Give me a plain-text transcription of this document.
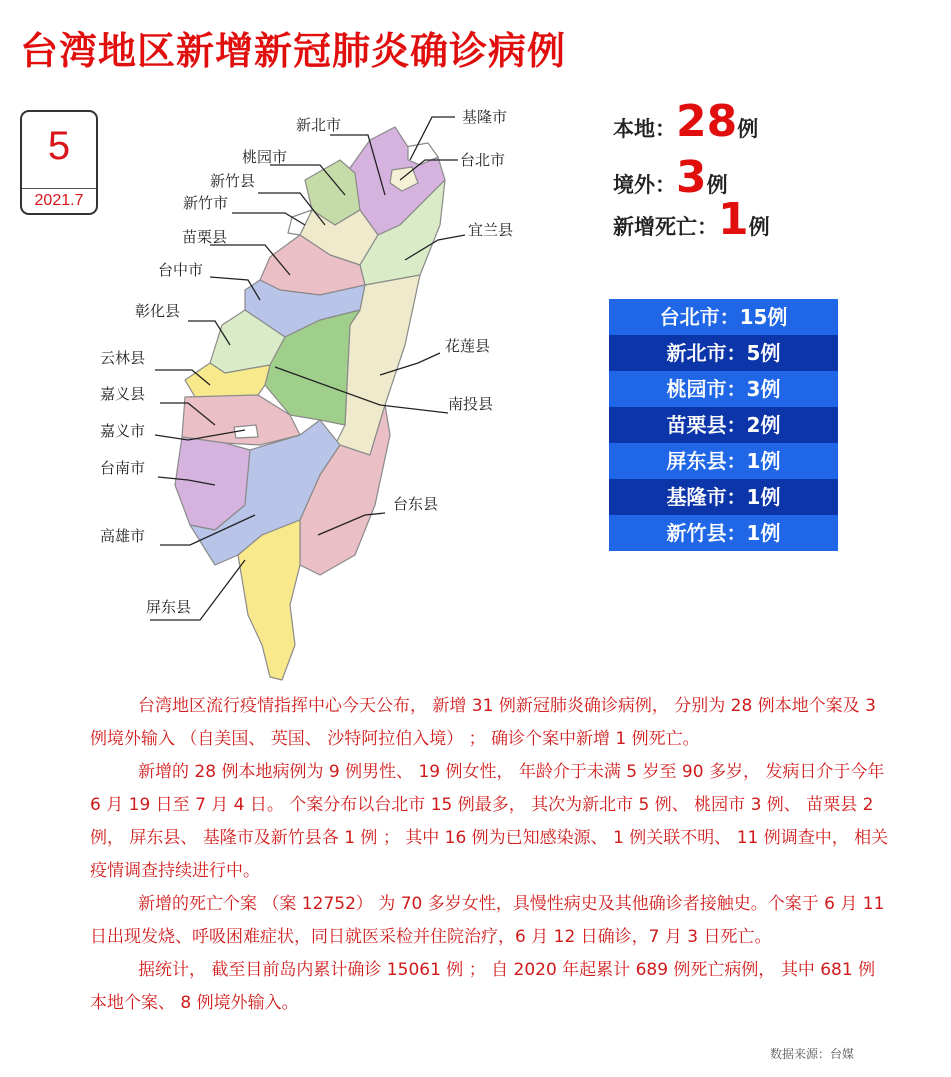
台湾地区新增新冠肺炎确诊病例
5
2021.7
本地：28例
境外：3例
新增死亡：1例
台北市：15例
新北市：5例
桃园市：3例
苗栗县：2例
屏东县：1例
基隆市：1例
新竹县：1例
基隆市
新北市
台北市
桃园市
新竹县
新竹市
宜兰县
苗栗县
台中市
彰化县
花莲县
云林县
嘉义县
南投县
嘉义市
台南市
台东县
高雄市
屏东县

台湾地区流行疫情指挥中心今天公布， 新增 31 例新冠肺炎确诊病例， 分别为 28 例本地个案及 3 例境外输入 （自美国、 英国、 沙特阿拉伯入境） ； 确诊个案中新增 1 例死亡。

新增的 28 例本地病例为 9 例男性、 19 例女性， 年龄介于未满 5 岁至 90 多岁， 发病日介于今年 6 月 19 日至 7 月 4 日。 个案分布以台北市 15 例最多， 其次为新北市 5 例、 桃园市 3 例、 苗栗县 2 例， 屏东县、 基隆市及新竹县各 1 例 ； 其中 16 例为已知感染源、 1 例关联不明、 11 例调查中， 相关疫情调查持续进行中。

新增的死亡个案 （案 12752） 为 70 多岁女性，具慢性病史及其他确诊者接触史。个案于 6 月 11 日出现发烧、呼吸困难症状，同日就医采检并住院治疗，6 月 12 日确诊，7 月 3 日死亡。

据统计， 截至目前岛内累计确诊 15061 例 ； 自 2020 年起累计 689 例死亡病例， 其中 681 例本地个案、 8 例境外输入。

数据来源：台媒
